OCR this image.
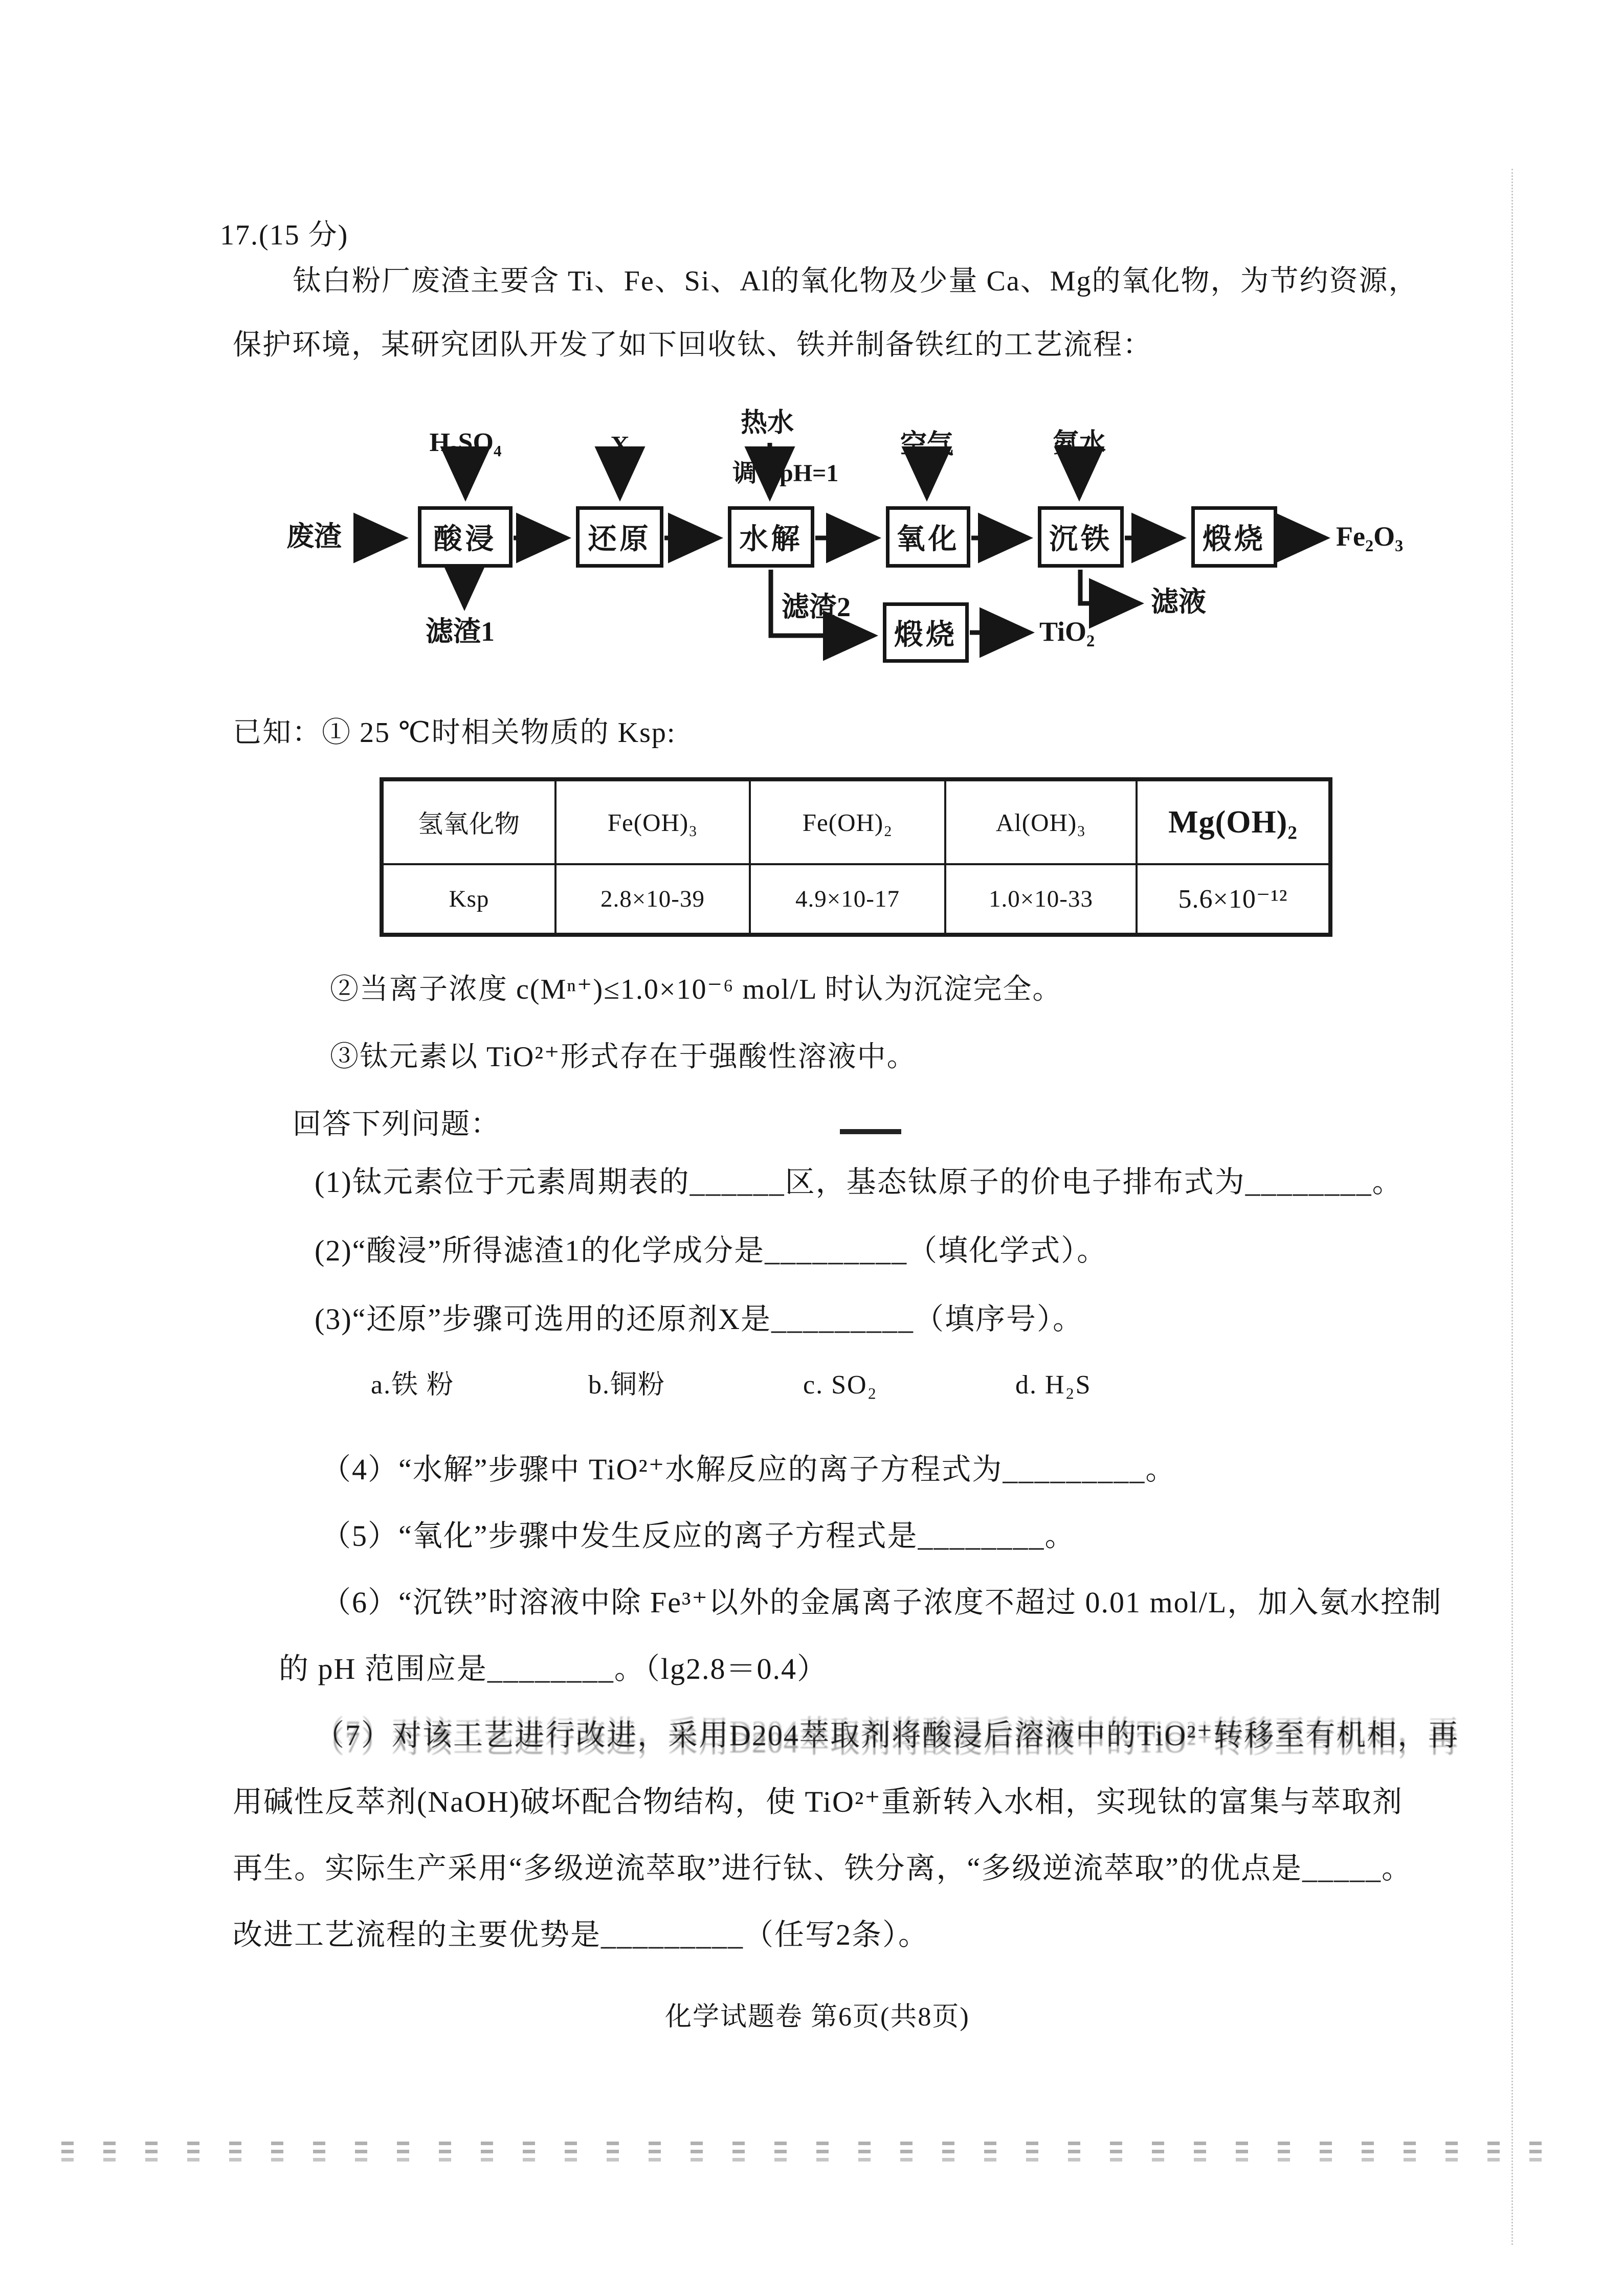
17.(15 分)
钛白粉厂废渣主要含 Ti、Fe、Si、Al的氧化物及少量 Ca、Mg的氧化物，为节约资源，
保护环境，某研究团队开发了如下回收钛、铁并制备铁红的工艺流程：
H₂SO₄	X
热水
调 pH=1
空气	氨水
废渣	Fe₂O₃
酸浸	还原	水解	氧化	沉铁	煅烧
滤渣1
滤渣2
煅烧	TiO₂
滤液
已知：① 25 ℃时相关物质的 Ksp:
氢氧化物	Fe(OH)₃	Fe(OH)₂	Al(OH)₃	Mg(OH)₂
Ksp	2.8×10-39	4.9×10-17	1.0×10-33	5.6×10⁻¹²
②当离子浓度 c(Mⁿ⁺)≤1.0×10⁻⁶ mol/L 时认为沉淀完全。
③钛元素以 TiO²⁺形式存在于强酸性溶液中。
回答下列问题：
(1)钛元素位于元素周期表的______区，基态钛原子的价电子排布式为________。
(2)“酸浸”所得滤渣1的化学成分是_________（填化学式）。
(3)“还原”步骤可选用的还原剂X是_________（填序号）。
a.铁 粉	b.铜粉	c. SO₂	d. H₂S
（4）“水解”步骤中 TiO²⁺水解反应的离子方程式为_________。
（5）“氧化”步骤中发生反应的离子方程式是________。
（6）“沉铁”时溶液中除 Fe³⁺以外的金属离子浓度不超过 0.01 mol/L，加入氨水控制
的 pH 范围应是________。（lg2.8＝0.4）
（7）对该工艺进行改进，采用D204萃取剂将酸浸后溶液中的TiO²⁺转移至有机相，再
用碱性反萃剂(NaOH)破坏配合物结构，使 TiO²⁺重新转入水相，实现钛的富集与萃取剂
再生。实际生产采用“多级逆流萃取”进行钛、铁分离，“多级逆流萃取”的优点是_____。
改进工艺流程的主要优势是_________（任写2条）。
化学试题卷 第6页(共8页)
